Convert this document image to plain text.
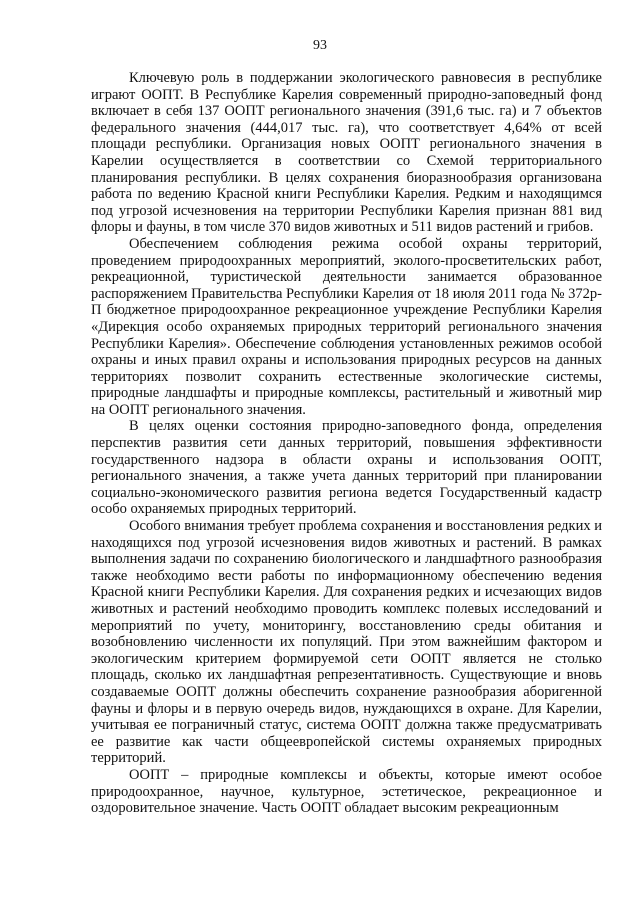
93

Ключевую роль в поддержании экологического равновесия в республике играют ООПТ. В Республике Карелия современный природно-заповедный фонд включает в себя 137 ООПТ регионального значения (391,6 тыс. га) и 7 объектов федерального значения (444,017 тыс. га), что соответствует 4,64% от всей площади республики. Организация новых ООПТ регионального значения в Карелии осуществляется в соответствии со Схемой территориального планирования республики. В целях сохранения биоразнообразия организована работа по ведению Красной книги Республики Карелия. Редким и находящимся под угрозой исчезновения на территории Республики Карелия признан 881 вид флоры и фауны, в том числе 370 видов животных и 511 видов растений и грибов.

Обеспечением соблюдения режима особой охраны территорий, проведением природоохранных мероприятий, эколого-просветительских работ, рекреационной, туристической деятельности занимается образованное распоряжением Правительства Республики Карелия от 18 июля 2011 года № 372р-П бюджетное природоохранное рекреационное учреждение Республики Карелия «Дирекция особо охраняемых природных территорий регионального значения Республики Карелия». Обеспечение соблюдения установленных режимов особой охраны и иных правил охраны и использования природных ресурсов на данных территориях позволит сохранить естественные экологические системы, природные ландшафты и природные комплексы, растительный и животный мир на ООПТ регионального значения.

В целях оценки состояния природно-заповедного фонда, определения перспектив развития сети данных территорий, повышения эффективности государственного надзора в области охраны и использования ООПТ, регионального значения, а также учета данных территорий при планировании социально-экономического развития региона ведется Государственный кадастр особо охраняемых природных территорий.

Особого внимания требует проблема сохранения и восстановления редких и находящихся под угрозой исчезновения видов животных и растений. В рамках выполнения задачи по сохранению биологического и ландшафтного разнообразия также необходимо вести работы по информационному обеспечению ведения Красной книги Республики Карелия. Для сохранения редких и исчезающих видов животных и растений необходимо проводить комплекс полевых исследований и мероприятий по учету, мониторингу, восстановлению среды обитания и возобновлению численности их популяций. При этом важнейшим фактором и экологическим критерием формируемой сети ООПТ является не столько площадь, сколько их ландшафтная репрезентативность. Существующие и вновь создаваемые ООПТ должны обеспечить сохранение разнообразия аборигенной фауны и флоры и в первую очередь видов, нуждающихся в охране. Для Карелии, учитывая ее пограничный статус, система ООПТ должна также предусматривать ее развитие как части общеевропейской системы охраняемых природных территорий.

ООПТ – природные комплексы и объекты, которые имеют особое природоохранное, научное, культурное, эстетическое, рекреационное и оздоровительное значение. Часть ООПТ обладает высоким рекреационным
